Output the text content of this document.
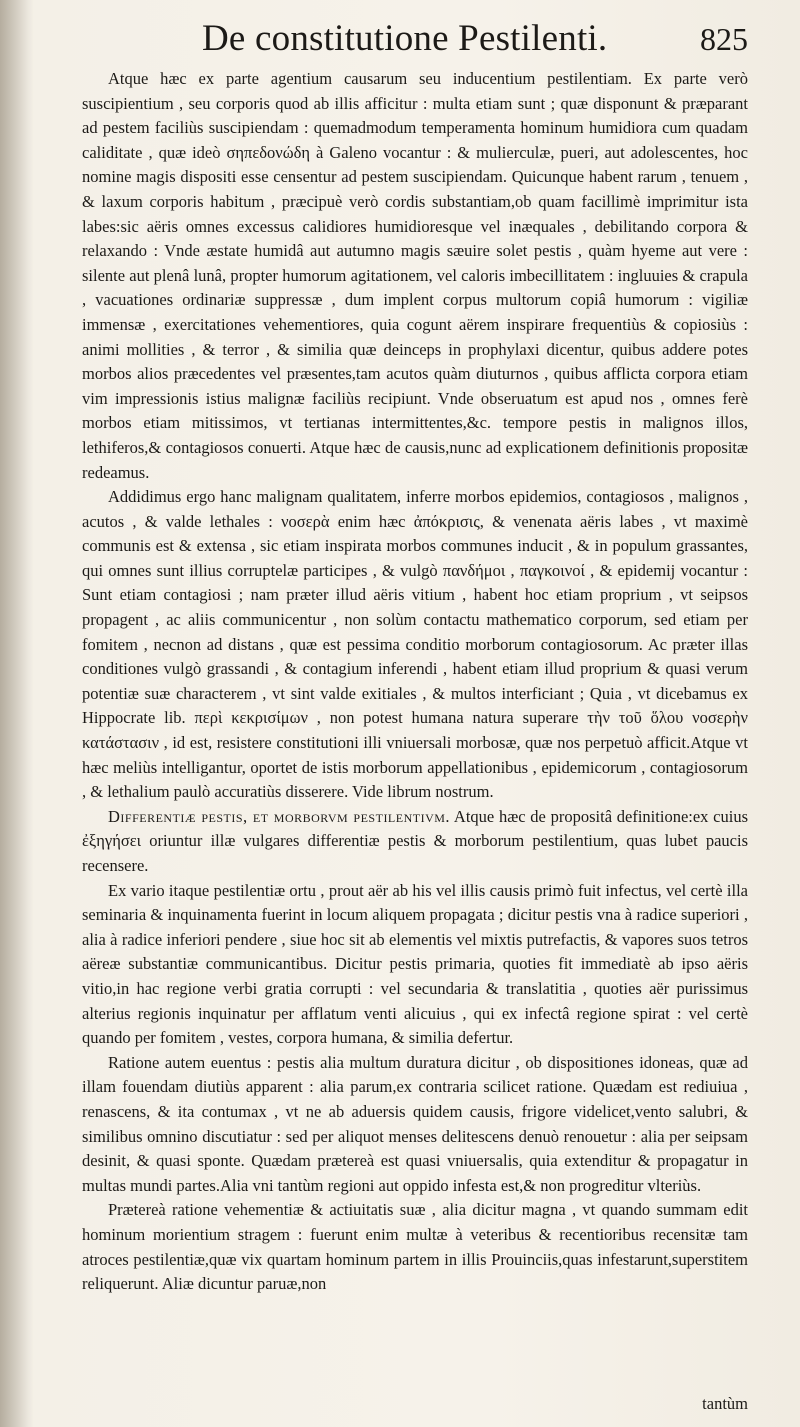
De constitutione Pestilenti.	825

Atque hæc ex parte agentium causarum seu inducentium pestilentiam. Ex parte verò suscipientium , seu corporis quod ab illis afficitur : multa etiam sunt ; quæ disponunt & præparant ad pestem faciliùs suscipiendam : quemadmodum temperamenta hominum humidiora cum quadam caliditate , quæ ideò σηπεδονώδη à Galeno vocantur : & mulierculæ, pueri, aut adolescentes, hoc nomine magis dispositi esse censentur ad pestem suscipiendam. Quicunque habent rarum , tenuem , & laxum corporis habitum , præcipuè verò cordis substantiam,ob quam facillimè imprimitur ista labes:sic aëris omnes excessus calidiores humidioresque vel inæquales , debilitando corpora & relaxando : Vnde æstate humidâ aut autumno magis sæuire solet pestis , quàm hyeme aut vere : silente aut plenâ lunâ, propter humorum agitationem, vel caloris imbecillitatem : ingluuies & crapula , vacuationes ordinariæ suppressæ , dum implent corpus multorum copiâ humorum : vigiliæ immensæ , exercitationes vehementiores, quia cogunt aërem inspirare frequentiùs & copiosiùs : animi mollities , & terror , & similia quæ deinceps in prophylaxi dicentur, quibus addere potes morbos alios præcedentes vel præsentes,tam acutos quàm diuturnos , quibus afflicta corpora etiam vim impressionis istius malignæ faciliùs recipiunt. Vnde obseruatum est apud nos , omnes ferè morbos etiam mitissimos, vt tertianas intermittentes,&c. tempore pestis in malignos illos, lethiferos,& contagiosos conuerti. Atque hæc de causis,nunc ad explicationem definitionis propositæ redeamus.

Addidimus ergo hanc malignam qualitatem, inferre morbos epidemios, contagiosos , malignos , acutos , & valde lethales : νοσερὰ enim hæc ἀπόκρισις, & venenata aëris labes , vt maximè communis est & extensa , sic etiam inspirata morbos communes inducit , & in populum grassantes, qui omnes sunt illius corruptelæ participes , & vulgò πανδήμοι , παγκοινοί , & epidemij vocantur : Sunt etiam contagiosi ; nam præter illud aëris vitium , habent hoc etiam proprium , vt seipsos propagent , ac aliis communicentur , non solùm contactu mathematico corporum, sed etiam per fomitem , necnon ad distans , quæ est pessima conditio morborum contagiosorum. Ac præter illas conditiones vulgò grassandi , & contagium inferendi , habent etiam illud proprium & quasi verum potentiæ suæ characterem , vt sint valde exitiales , & multos interficiant ; Quia , vt dicebamus ex Hippocrate lib. περὶ κεκρισίμων , non potest humana natura superare τὴν τοῦ ὅλου νοσερὴν κατάστασιν , id est, resistere constitutioni illi vniuersali morbosæ, quæ nos perpetuò afficit.Atque vt hæc meliùs intelligantur, oportet de istis morborum appellationibus , epidemicorum , contagiosorum , & lethalium paulò accuratiùs disserere. Vide librum nostrum.

Differentiæ pestis, et morborvm pestilentivm. Atque hæc de propositâ definitione:ex cuius ἐξηγήσει oriuntur illæ vulgares differentiæ pestis & morborum pestilentium, quas lubet paucis recensere.

Ex vario itaque pestilentiæ ortu , prout aër ab his vel illis causis primò fuit infectus, vel certè illa seminaria & inquinamenta fuerint in locum aliquem propagata ; dicitur pestis vna à radice superiori , alia à radice inferiori pendere , siue hoc sit ab elementis vel mixtis putrefactis, & vapores suos tetros aëreæ substantiæ communicantibus. Dicitur pestis primaria, quoties fit immediatè ab ipso aëris vitio,in hac regione verbi gratia corrupti : vel secundaria & translatitia , quoties aër purissimus alterius regionis inquinatur per afflatum venti alicuius , qui ex infectâ regione spirat : vel certè quando per fomitem , vestes, corpora humana, & similia defertur.

Ratione autem euentus : pestis alia multum duratura dicitur , ob dispositiones idoneas, quæ ad illam fouendam diutiùs apparent : alia parum,ex contraria scilicet ratione. Quædam est rediuiua , renascens, & ita contumax , vt ne ab aduersis quidem causis, frigore videlicet,vento salubri, & similibus omnino discutiatur : sed per aliquot menses delitescens denuò renouetur : alia per seipsam desinit, & quasi sponte. Quædam prætereà est quasi vniuersalis, quia extenditur & propagatur in multas mundi partes.Alia vni tantùm regioni aut oppido infesta est,& non progreditur vlteriùs.

Prætereà ratione vehementiæ & actiuitatis suæ , alia dicitur magna , vt quando summam edit hominum morientium stragem : fuerunt enim multæ à veteribus & recentioribus recensitæ tam atroces pestilentiæ,quæ vix quartam hominum partem in illis Prouinciis,quas infestarunt,superstitem reliquerunt. Aliæ dicuntur paruæ,non

tantùm
